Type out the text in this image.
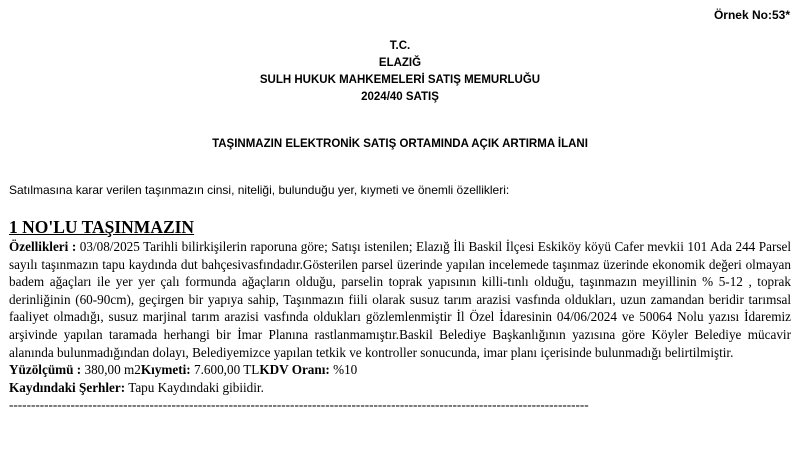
Örnek No:53*
T.C.
ELAZIĞ
SULH HUKUK MAHKEMELERİ SATIŞ MEMURLUĞU
2024/40 SATIŞ
TAŞINMAZIN ELEKTRONİK SATIŞ ORTAMINDA AÇIK ARTIRMA İLANI
Satılmasına karar verilen taşınmazın cinsi, niteliği, bulunduğu yer, kıymeti ve önemli özellikleri:
1 NO'LU TAŞINMAZIN

Özellikleri : 03/08/2025 Tarihli bilirkişilerin raporuna göre; Satışı istenilen; Elazığ İli Baskil İlçesi Eskiköy köyü Cafer mevkii 101 Ada 244 Parsel sayılı taşınmazın tapu kaydında dut bahçesivasfındadır.Gösterilen parsel üzerinde yapılan incelemede taşınmaz üzerinde ekonomik değeri olmayan badem ağaçları ile yer yer çalı formunda ağaçların olduğu, parselin toprak yapısının killi-tınlı olduğu, taşınmazın meyillinin % 5-12 , toprak derinliğinin (60-90cm), geçirgen bir yapıya sahip, Taşınmazın fiili olarak susuz tarım arazisi vasfında oldukları, uzun zamandan beridir tarımsal faaliyet olmadığı, susuz marjinal tarım arazisi vasfında oldukları gözlemlenmiştir İl Özel İdaresinin 04/06/2024 ve 50064 Nolu yazısı İdaremiz arşivinde yapılan taramada herhangi bir İmar Planına rastlanmamıştır.Baskil Belediye Başkanlığının yazısına göre Köyler Belediye mücavir alanında bulunmadığından dolayı, Belediyemizce yapılan tetkik ve kontroller sonucunda, imar planı içerisinde bulunmadığı belirtilmiştir.

Yüzölçümü : 380,00 m2Kıymeti: 7.600,00 TLKDV Oranı: %10

Kaydındaki Şerhler: Tapu Kaydındaki gibiidir.

------------------------------------------------------------------------------------------------------------------------------------
